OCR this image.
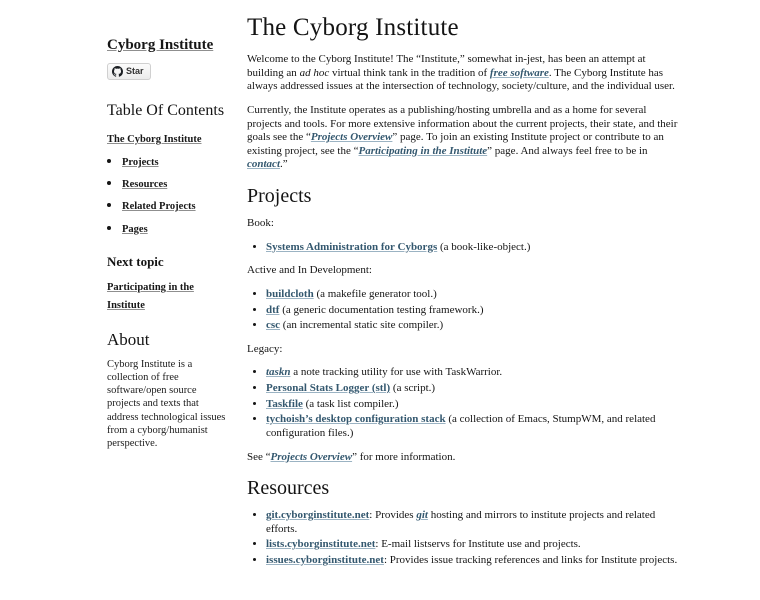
Cyborg Institute
Star
Table Of Contents
The Cyborg Institute
• Projects
• Resources
• Related Projects
• Pages
Next topic
Participating in the Institute
About

Cyborg Institute is a collection of free software/open source projects and texts that address technological issues from a cyborg/humanist perspective.

The Cyborg Institute

Welcome to the Cyborg Institute! The “Institute,” somewhat in-jest, has been an attempt at building an ad hoc virtual think tank in the tradition of free software. The Cyborg Institute has always addressed issues at the intersection of technology, society/culture, and the individual user.

Currently, the Institute operates as a publishing/hosting umbrella and as a home for several projects and tools. For more extensive information about the current projects, their state, and their goals see the “Projects Overview” page. To join an existing Institute project or contribute to an existing project, see the “Participating in the Institute” page. And always feel free to be in contact.”

Projects

Book:

• Systems Administration for Cyborgs (a book-like-object.)

Active and In Development:

• buildcloth (a makefile generator tool.)
• dtf (a generic documentation testing framework.)
• csc (an incremental static site compiler.)

Legacy:

• taskn a note tracking utility for use with TaskWarrior.
• Personal Stats Logger (stl) (a script.)
• Taskfile (a task list compiler.)
• tychoish’s desktop configuration stack (a collection of Emacs, StumpWM, and related configuration files.)

See “Projects Overview” for more information.

Resources
• git.cyborginstitute.net: Provides git hosting and mirrors to institute projects and related efforts.
• lists.cyborginstitute.net: E-mail listservs for Institute use and projects.
• issues.cyborginstitute.net: Provides issue tracking references and links for Institute projects.
